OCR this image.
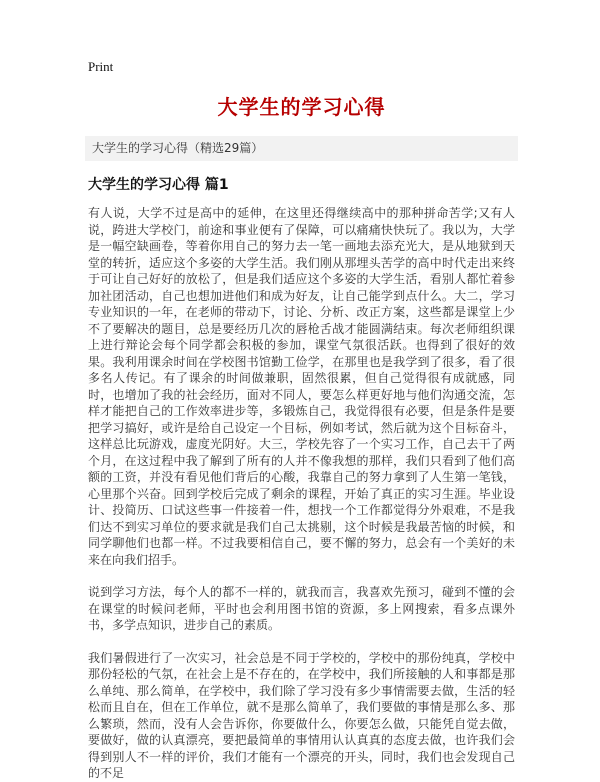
Print
大学生的学习心得
大学生的学习心得（精选29篇）
大学生的学习心得 篇1

有人说，大学不过是高中的延伸，在这里还得继续高中的那种拼命苦学;又有人说，跨进大学校门，前途和事业便有了保障，可以痛痛快快玩了。我以为，大学是一幅空缺画卷，等着你用自己的努力去一笔一画地去添充光大，是从地狱到天堂的转折，适应这个多姿的大学生活。我们刚从那埋头苦学的高中时代走出来终于可让自己好好的放松了，但是我们适应这个多姿的大学生活，看别人都忙着参加社团活动，自己也想加进他们和成为好友，让自己能学到点什么。大二，学习专业知识的一年，在老师的带动下，讨论、分析、改正方案，这些都是课堂上少不了要解决的题目，总是要经历几次的唇枪舌战才能圆满结束。每次老师组织课上进行辩论会每个同学都会积极的参加，课堂气氛很活跃。也得到了很好的效果。我利用课余时间在学校图书馆勤工俭学，在那里也是我学到了很多，看了很多名人传记。有了课余的时间做兼职，固然很累，但自己觉得很有成就感，同时，也增加了我的社会经历，面对不同人，要怎么样更好地与他们沟通交流，怎样才能把自己的工作效率进步等，多锻炼自己，我觉得很有必要，但是条件是要把学习搞好，或许是给自己设定一个目标，例如考试，然后就为这个目标奋斗，这样总比玩游戏，虚度光阴好。大三，学校先容了一个实习工作，自己去干了两个月，在这过程中我了解到了所有的人并不像我想的那样，我们只看到了他们高额的工资，并没有看见他们背后的心酸，我靠自己的努力拿到了人生第一笔钱，心里那个兴奋。回到学校后完成了剩余的课程，开始了真正的实习生涯。毕业设计、投简历、口试这些事一件接着一件，想找一个工作都觉得分外艰难，不是我们达不到实习单位的要求就是我们自己太挑剔，这个时候是我最苦恼的时候，和同学聊他们也都一样。不过我要相信自己，要不懈的努力，总会有一个美好的未来在向我们招手。

说到学习方法，每个人的都不一样的，就我而言，我喜欢先预习，碰到不懂的会在课堂的时候问老师，平时也会利用图书馆的资源，多上网搜索，看多点课外书，多学点知识，进步自己的素质。

我们暑假进行了一次实习，社会总是不同于学校的，学校中的那份纯真，学校中那份轻松的气氛，在社会上是不存在的，在学校中，我们所接触的人和事都是那么单纯、那么简单，在学校中，我们除了学习没有多少事情需要去做，生活的轻松而且自在，但在工作单位，就不是那么简单了，我们要做的事情是那么多、那么繁琐，然而，没有人会告诉你，你要做什么，你要怎么做，只能凭自觉去做，要做好，做的认真漂亮，要把最简单的事情用认认真真的态度去做，也许我们会得到别人不一样的评价，我们才能有一个漂亮的开头，同时，我们也会发现自己的不足
